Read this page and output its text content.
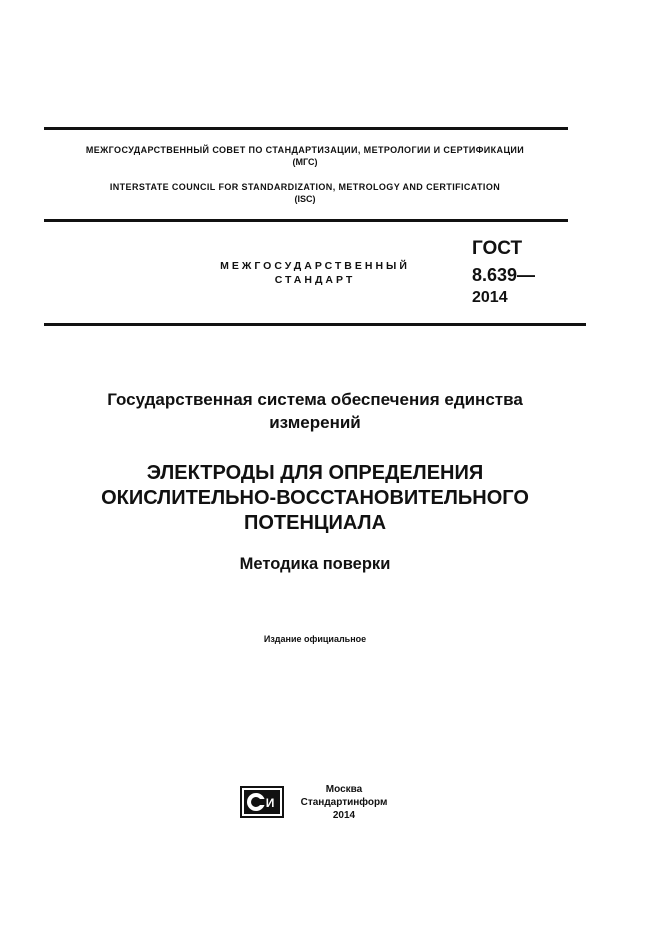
МЕЖГОСУДАРСТВЕННЫЙ СОВЕТ ПО СТАНДАРТИЗАЦИИ, МЕТРОЛОГИИ И СЕРТИФИКАЦИИ
(МГС)
INTERSTATE COUNCIL FOR STANDARDIZATION, METROLOGY AND CERTIFICATION
(ISC)
МЕЖГОСУДАРСТВЕННЫЙ
СТАНДАРТ
ГОСТ
8.639—
2014
Государственная система обеспечения единства
измерений
ЭЛЕКТРОДЫ ДЛЯ ОПРЕДЕЛЕНИЯ
ОКИСЛИТЕЛЬНО-ВОССТАНОВИТЕЛЬНОГО
ПОТЕНЦИАЛА
Методика поверки
Издание официальное
И
Москва
Стандартинформ
2014
